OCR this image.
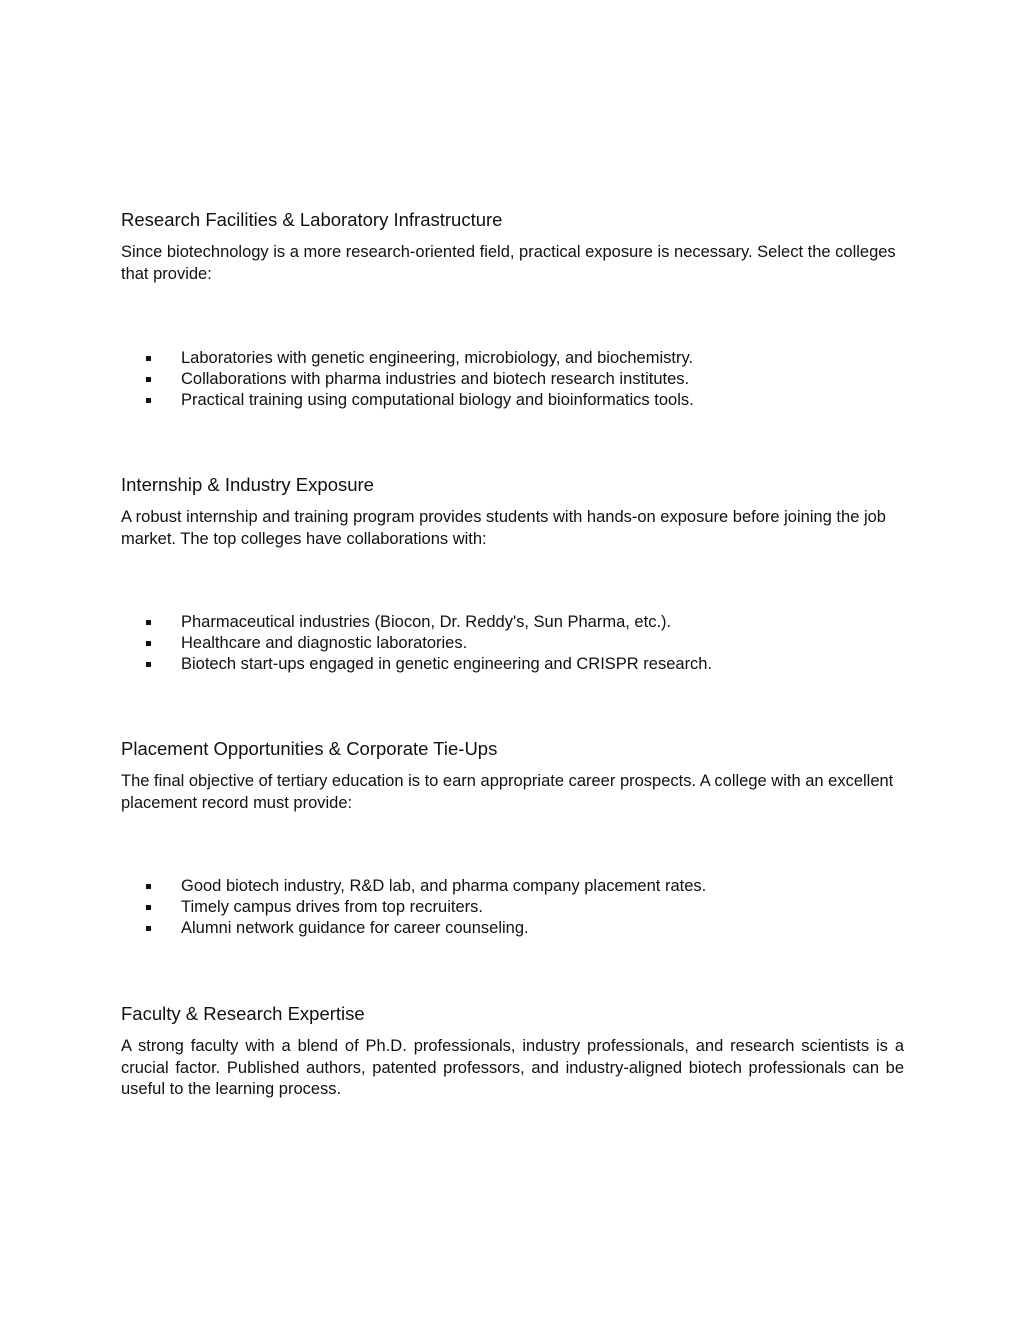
Research Facilities & Laboratory Infrastructure

Since biotechnology is a more research-oriented field, practical exposure is necessary. Select the colleges that provide:

Laboratories with genetic engineering, microbiology, and biochemistry.
Collaborations with pharma industries and biotech research institutes.
Practical training using computational biology and bioinformatics tools.
Internship & Industry Exposure

A robust internship and training program provides students with hands-on exposure before joining the job market. The top colleges have collaborations with:

Pharmaceutical industries (Biocon, Dr. Reddy's, Sun Pharma, etc.).
Healthcare and diagnostic laboratories.
Biotech start-ups engaged in genetic engineering and CRISPR research.
Placement Opportunities & Corporate Tie-Ups

The final objective of tertiary education is to earn appropriate career prospects. A college with an excellent placement record must provide:

Good biotech industry, R&D lab, and pharma company placement rates.
Timely campus drives from top recruiters.
Alumni network guidance for career counseling.
Faculty & Research Expertise

A strong faculty with a blend of Ph.D. professionals, industry professionals, and research scientists is a crucial factor. Published authors, patented professors, and industry-aligned biotech professionals can be useful to the learning process.
